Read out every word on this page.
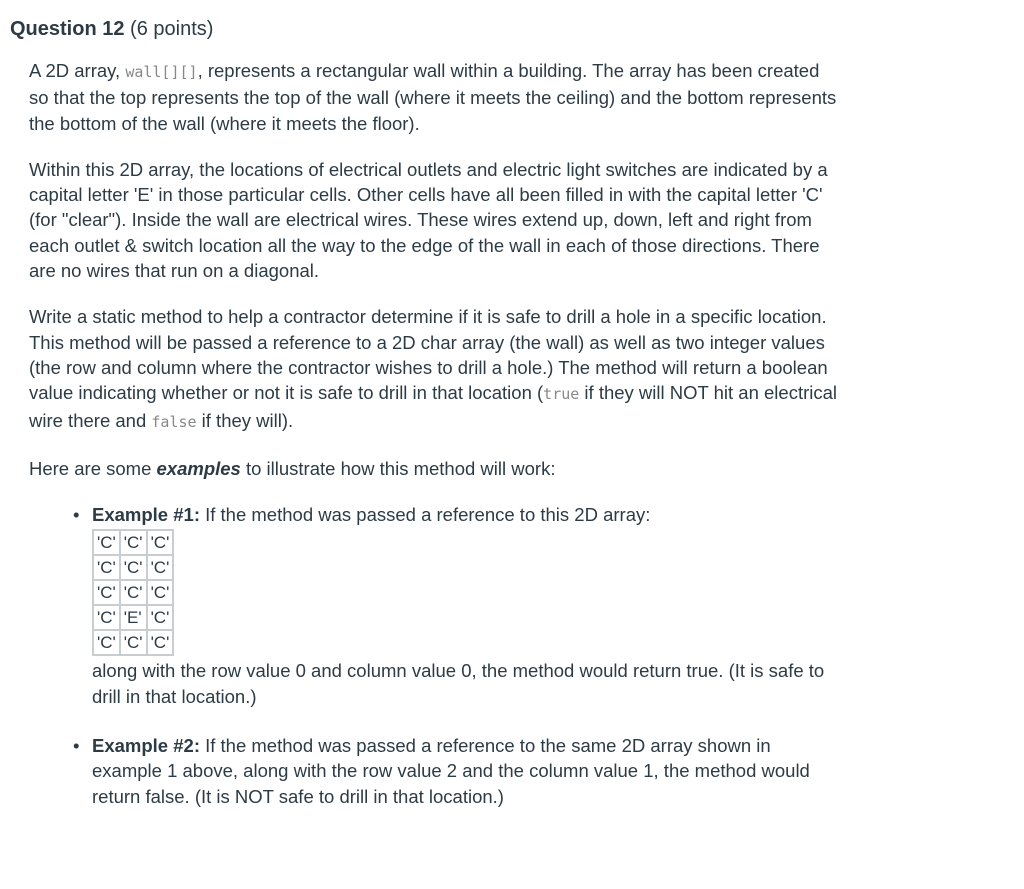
Question 12 (6 points)

A 2D array, wall[][], represents a rectangular wall within a building. The array has been created so that the top represents the top of the wall (where it meets the ceiling) and the bottom represents the bottom of the wall (where it meets the floor).

Within this 2D array, the locations of electrical outlets and electric light switches are indicated by a capital letter 'E' in those particular cells. Other cells have all been filled in with the capital letter 'C' (for "clear"). Inside the wall are electrical wires. These wires extend up, down, left and right from each outlet & switch location all the way to the edge of the wall in each of those directions. There are no wires that run on a diagonal.

Write a static method to help a contractor determine if it is safe to drill a hole in a specific location. This method will be passed a reference to a 2D char array (the wall) as well as two integer values (the row and column where the contractor wishes to drill a hole.) The method will return a boolean value indicating whether or not it is safe to drill in that location (true if they will NOT hit an electrical wire there and false if they will).

Here are some examples to illustrate how this method will work:

• Example #1: If the method was passed a reference to this 2D array:
'C'	'C'	'C'
'C'	'C'	'C'
'C'	'C'	'C'
'C'	'E'	'C'
'C'	'C'	'C'
along with the row value 0 and column value 0, the method would return true. (It is safe to drill in that location.)
• Example #2: If the method was passed a reference to the same 2D array shown in example 1 above, along with the row value 2 and the column value 1, the method would return false. (It is NOT safe to drill in that location.)
